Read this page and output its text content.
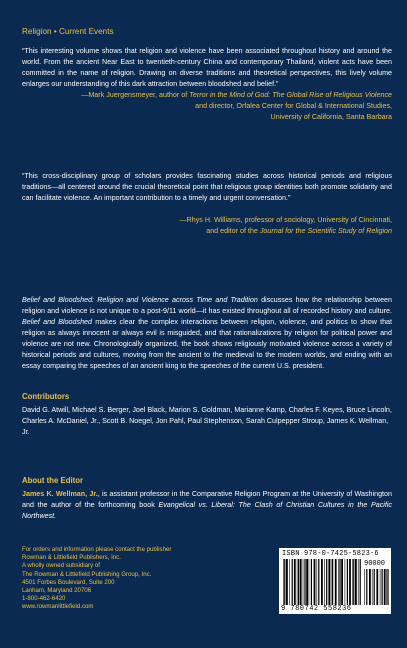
Religion • Current Events
“This interesting volume shows that religion and violence have been associated throughout history and around the world. From the ancient Near East to twentieth-century China and contemporary Thailand, violent acts have been committed in the name of religion. Drawing on diverse traditions and theoretical perspectives, this lively volume enlarges our understanding of this dark attraction between bloodshed and belief.”
—Mark Juergensmeyer, author of Terror in the Mind of God: The Global Rise of Religious Violence
and director, Orfalea Center for Global & International Studies,
University of California, Santa Barbara
“This cross-disciplinary group of scholars provides fascinating studies across historical periods and religious traditions—all centered around the crucial theoretical point that religious group identities both promote solidarity and can facilitate violence. An important contribution to a timely and urgent conversation.”
—Rhys H. Williams, professor of sociology, University of Cincinnati,
and editor of the Journal for the Scientific Study of Religion
Belief and Bloodshed: Religion and Violence across Time and Tradition discusses how the relationship between religion and violence is not unique to a post-9/11 world—it has existed throughout all of recorded history and culture. Belief and Bloodshed makes clear the complex interactions between religion, violence, and politics to show that religion as always innocent or always evil is misguided, and that rationalizations by religion for political power and violence are not new. Chronologically organized, the book shows religiously motivated violence across a variety of historical periods and cultures, moving from the ancient to the medieval to the modern worlds, and ending with an essay comparing the speeches of an ancient king to the speeches of the current U.S. president.
Contributors
David G. Atwill, Michael S. Berger, Joel Black, Marion S. Goldman, Marianne Kamp, Charles F. Keyes, Bruce Lincoln, Charles A. McDaniel, Jr., Scott B. Noegel, Jon Pahl, Paul Stephenson, Sarah Culpepper Stroup, James K. Wellman, Jr.
About the Editor
James K. Wellman, Jr., is assistant professor in the Comparative Religion Program at the University of Washington and the author of the forthcoming book Evangelical vs. Liberal: The Clash of Christian Cultures in the Pacific Northwest.
For orders and information please contact the publisher
Rowman & Littlefield Publishers, Inc.
A wholly owned subsidiary of
The Rowman & Littlefield Publishing Group, Inc.
4501 Forbes Boulevard, Suite 200
Lanham, Maryland 20706
1-800-462-6420
www.rowmanlittlefield.com
ISBN 978-0-7425-5823-6
90000
9 780742 558236
